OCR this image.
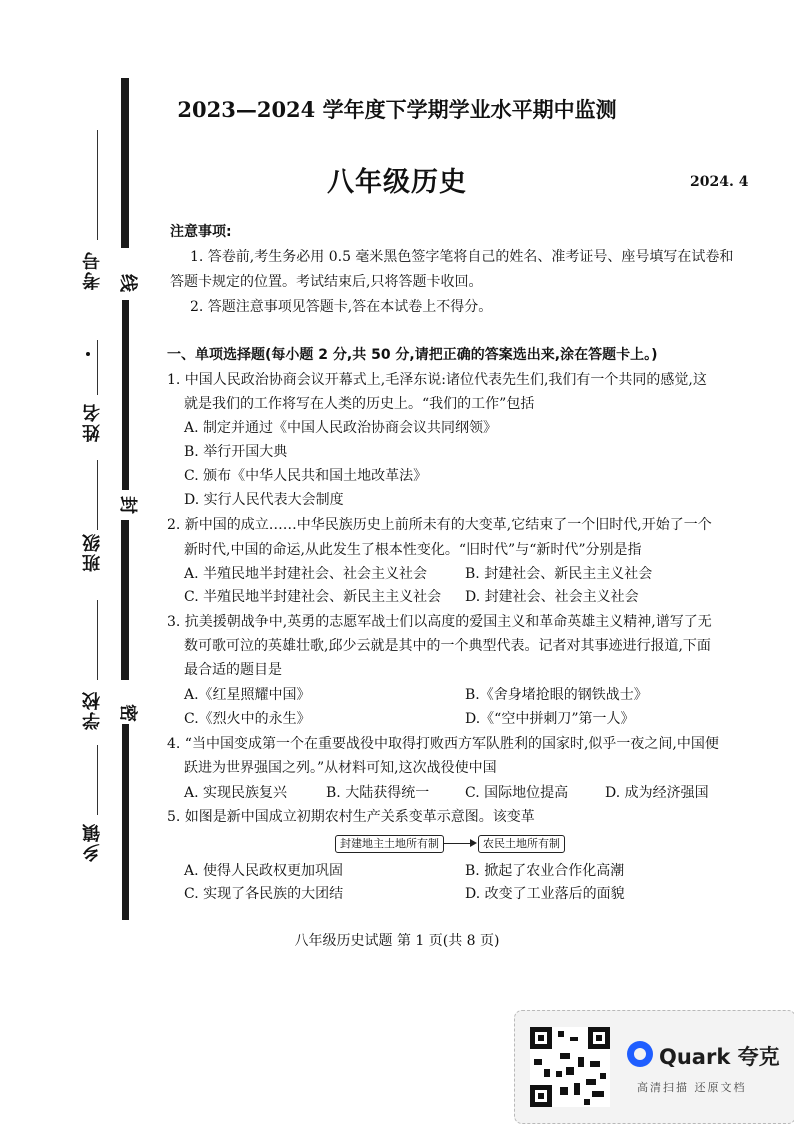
线
封
密
考号
姓名
班级
学校
乡镇
2023—2024 学年度下学期学业水平期中监测
八年级历史	2024. 4
注意事项:
1. 答卷前,考生务必用 0.5 毫米黑色签字笔将自己的姓名、准考证号、座号填写在试卷和
答题卡规定的位置。考试结束后,只将答题卡收回。
2. 答题注意事项见答题卡,答在本试卷上不得分。
一、单项选择题(每小题 2 分,共 50 分,请把正确的答案选出来,涂在答题卡上。)
1. 中国人民政治协商会议开幕式上,毛泽东说:诸位代表先生们,我们有一个共同的感觉,这
就是我们的工作将写在人类的历史上。“我们的工作”包括
A. 制定并通过《中国人民政治协商会议共同纲领》
B. 举行开国大典
C. 颁布《中华人民共和国土地改革法》
D. 实行人民代表大会制度
2. 新中国的成立……中华民族历史上前所未有的大变革,它结束了一个旧时代,开始了一个
新时代,中国的命运,从此发生了根本性变化。“旧时代”与“新时代”分别是指
A. 半殖民地半封建社会、社会主义社会	B. 封建社会、新民主主义社会
C. 半殖民地半封建社会、新民主主义社会 D. 封建社会、社会主义社会
3. 抗美援朝战争中,英勇的志愿军战士们以高度的爱国主义和革命英雄主义精神,谱写了无
数可歌可泣的英雄壮歌,邱少云就是其中的一个典型代表。记者对其事迹进行报道,下面
最合适的题目是
A.《红星照耀中国》	B.《舍身堵抢眼的钢铁战士》
C.《烈火中的永生》	D.《“空中拼刺刀”第一人》
4. “当中国变成第一个在重要战役中取得打败西方军队胜利的国家时,似乎一夜之间,中国便
跃进为世界强国之列。”从材料可知,这次战役使中国
A. 实现民族复兴	B. 大陆获得统一	C. 国际地位提高	D. 成为经济强国
5. 如图是新中国成立初期农村生产关系变革示意图。该变革
封建地主土地所有制	农民土地所有制
A. 使得人民政权更加巩固	B. 掀起了农业合作化高潮
C. 实现了各民族的大团结	D. 改变了工业落后的面貌
八年级历史试题 第 1 页(共 8 页)
Quark 夸克
高清扫描 还原文档
